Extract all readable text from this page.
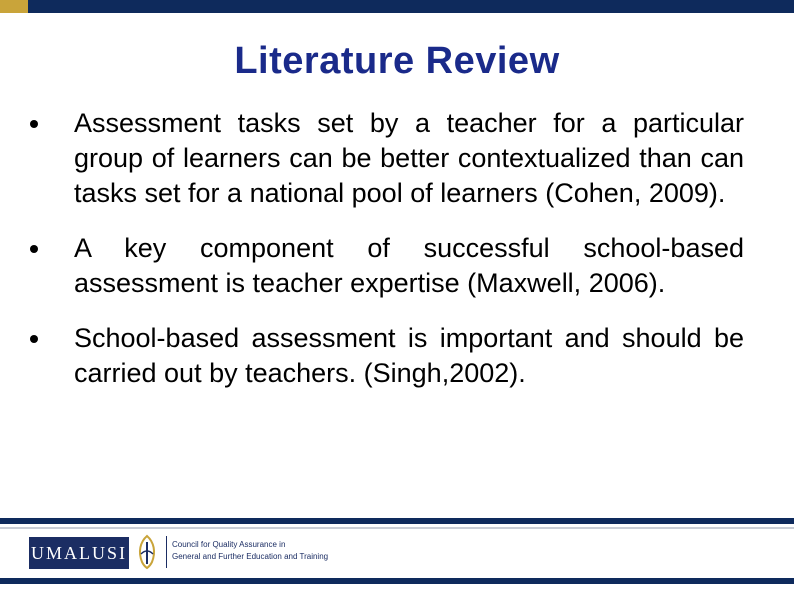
Literature Review
Assessment tasks set by a teacher for a particular group of learners can be better contextualized than can tasks set for a national pool of learners (Cohen, 2009).
A key component of successful school-based assessment is teacher expertise (Maxwell, 2006).
School-based assessment is important and should be carried out by teachers. (Singh,2002).
UMALUSI	Council for Quality Assurance in
General and Further Education and Training
